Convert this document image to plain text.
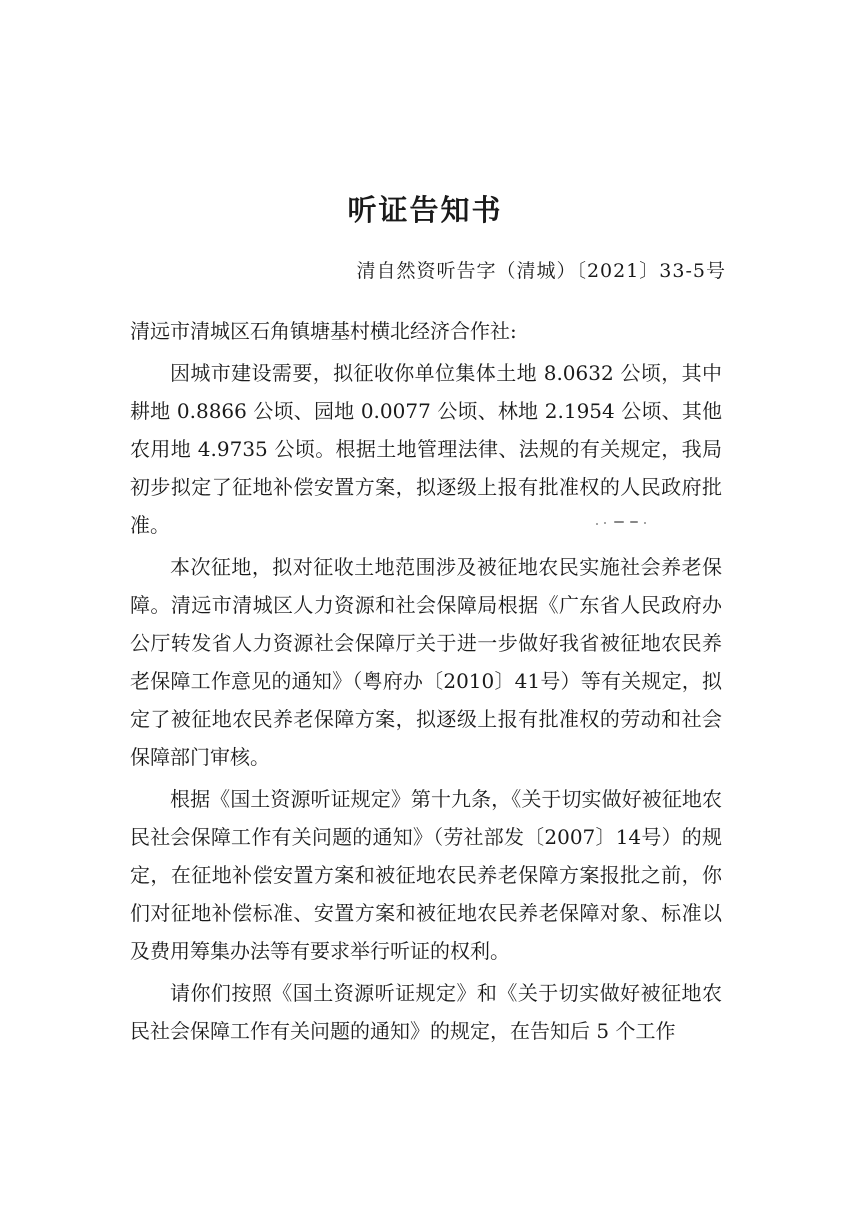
听证告知书
清自然资听告字（清城）〔2021〕33-5号

清远市清城区石角镇塘基村横北经济合作社:

因城市建设需要，拟征收你单位集体土地 8.0632 公顷，其中耕地 0.8866 公顷、园地 0.0077 公顷、林地 2.1954 公顷、其他农用地 4.9735 公顷。根据土地管理法律、法规的有关规定，我局初步拟定了征地补偿安置方案，拟逐级上报有批准权的人民政府批准。

本次征地，拟对征收土地范围涉及被征地农民实施社会养老保障。清远市清城区人力资源和社会保障局根据《广东省人民政府办公厅转发省人力资源社会保障厅关于进一步做好我省被征地农民养老保障工作意见的通知》（粤府办〔2010〕41号）等有关规定，拟定了被征地农民养老保障方案，拟逐级上报有批准权的劳动和社会保障部门审核。

根据《国土资源听证规定》第十九条，《关于切实做好被征地农民社会保障工作有关问题的通知》（劳社部发〔2007〕14号）的规定，在征地补偿安置方案和被征地农民养老保障方案报批之前，你们对征地补偿标准、安置方案和被征地农民养老保障对象、标准以及费用筹集办法等有要求举行听证的权利。

请你们按照《国土资源听证规定》和《关于切实做好被征地农民社会保障工作有关问题的通知》的规定，在告知后 5 个工作
